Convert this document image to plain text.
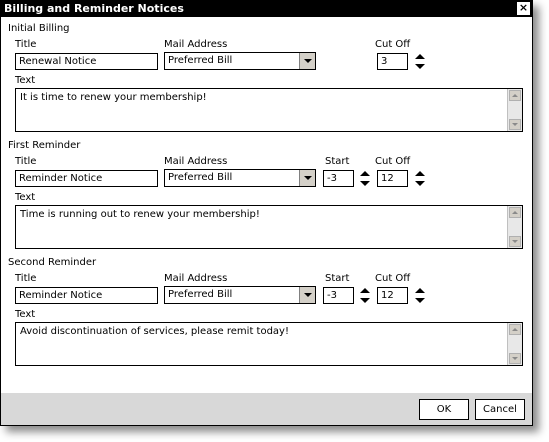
Billing and Reminder Notices	×
Initial Billing
Title
Renewal Notice
Mail Address
Preferred Bill
Cut Off
3
Text
It is time to renew your membership!
First Reminder
Title
Reminder Notice
Mail Address
Preferred Bill
Start
-3
Cut Off
12
Text
Time is running out to renew your membership!
Second Reminder
Title
Reminder Notice
Mail Address
Preferred Bill
Start
-3
Cut Off
12
Text
Avoid discontinuation of services, please remit today!
OK	Cancel
